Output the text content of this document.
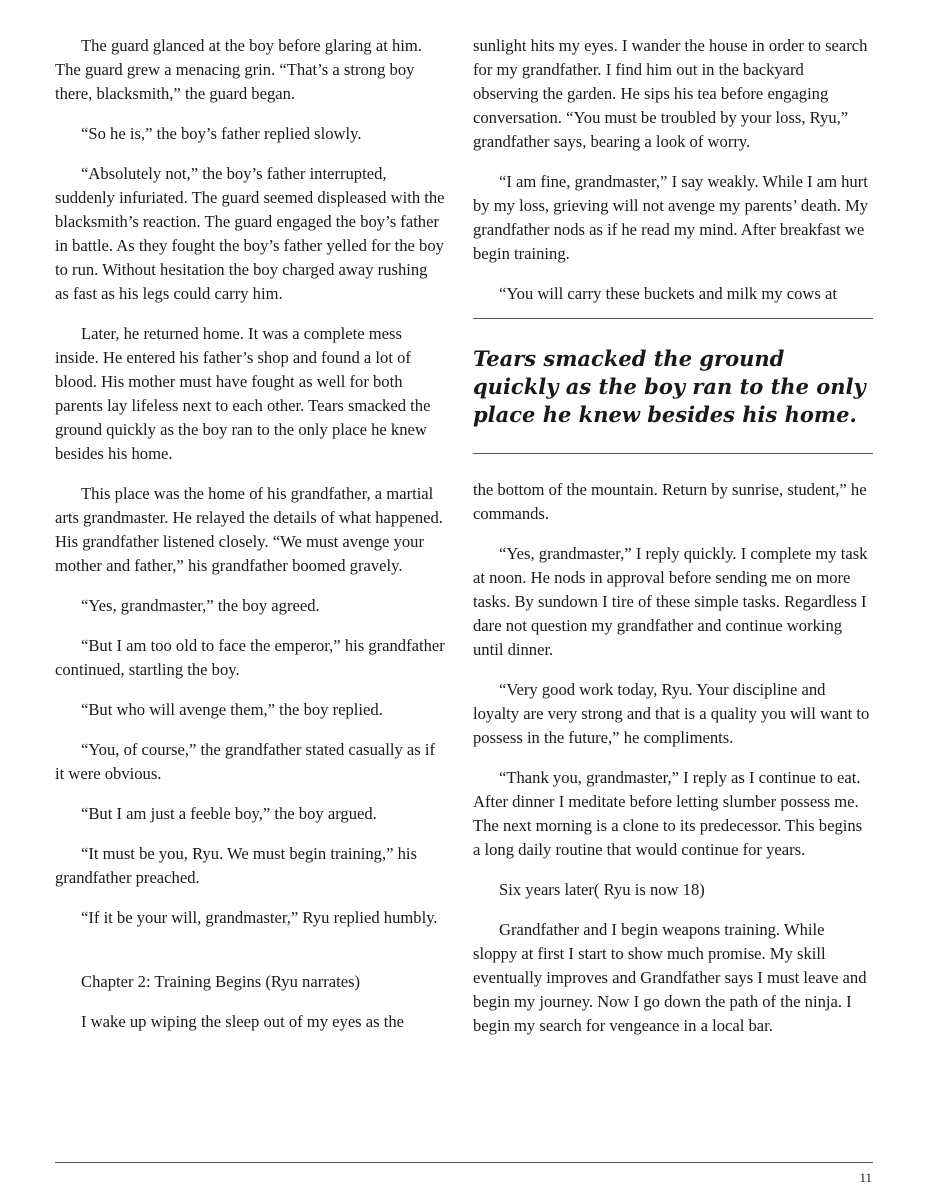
The guard glanced at the boy before glaring at him. The guard grew a menacing grin. “That’s a strong boy there, blacksmith,” the guard began.

“So he is,” the boy’s father replied slowly.

“Absolutely not,” the boy’s father interrupted, suddenly infuriated. The guard seemed displeased with the blacksmith’s reaction. The guard engaged the boy’s father in battle. As they fought the boy’s father yelled for the boy to run. Without hesitation the boy charged away rushing as fast as his legs could carry him.

Later, he returned home. It was a complete mess inside. He entered his father’s shop and found a lot of blood. His mother must have fought as well for both parents lay lifeless next to each other. Tears smacked the ground quickly as the boy ran to the only place he knew besides his home.

This place was the home of his grandfather, a martial arts grandmaster. He relayed the details of what happened. His grandfather listened closely. “We must avenge your mother and father,” his grandfather boomed gravely.

“Yes, grandmaster,” the boy agreed.

“But I am too old to face the emperor,” his grandfather continued, startling the boy.

“But who will avenge them,” the boy replied.

“You, of course,” the grandfather stated casually as if it were obvious.

“But I am just a feeble boy,” the boy argued.

“It must be you, Ryu. We must begin training,” his grandfather preached.

“If it be your will, grandmaster,” Ryu replied humbly.

Chapter 2: Training Begins (Ryu narrates)

I wake up wiping the sleep out of my eyes as the

sunlight hits my eyes. I wander the house in order to search for my grandfather. I find him out in the backyard observing the garden. He sips his tea before engaging conversation. “You must be troubled by your loss, Ryu,” grandfather says, bearing a look of worry.

“I am fine, grandmaster,” I say weakly. While I am hurt by my loss, grieving will not avenge my parents’ death. My grandfather nods as if he read my mind. After breakfast we begin training.

“You will carry these buckets and milk my cows at

Tears smacked the ground quickly as the boy ran to the only place he knew besides his home.

the bottom of the mountain. Return by sunrise, student,” he commands.

“Yes, grandmaster,” I reply quickly. I complete my task at noon. He nods in approval before sending me on more tasks. By sundown I tire of these simple tasks. Regardless I dare not question my grandfather and continue working until dinner.

“Very good work today, Ryu. Your discipline and loyalty are very strong and that is a quality you will want to possess in the future,” he compliments.

“Thank you, grandmaster,” I reply as I continue to eat. After dinner I meditate before letting slumber possess me. The next morning is a clone to its predecessor. This begins a long daily routine that would continue for years.

Six years later( Ryu is now 18)

Grandfather and I begin weapons training. While sloppy at first I start to show much promise. My skill eventually improves and Grandfather says I must leave and begin my journey. Now I go down the path of the ninja. I begin my search for vengeance in a local bar.

11
